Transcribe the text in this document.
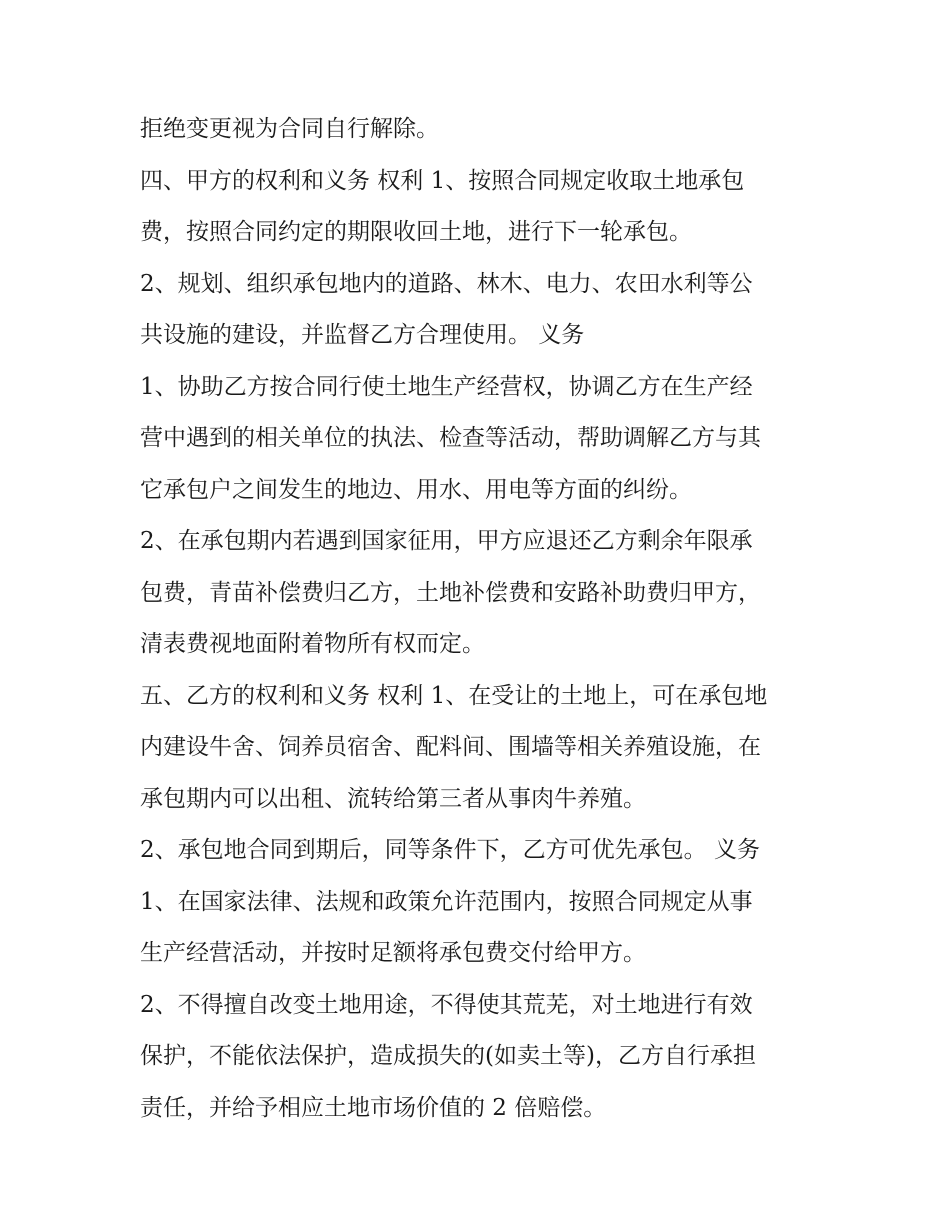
拒绝变更视为合同自行解除。

四、甲方的权利和义务 权利 1、按照合同规定收取土地承包

费，按照合同约定的期限收回土地，进行下一轮承包。

2、规划、组织承包地内的道路、林木、电力、农田水利等公

共设施的建设，并监督乙方合理使用。 义务

1、协助乙方按合同行使土地生产经营权，协调乙方在生产经

营中遇到的相关单位的执法、检查等活动，帮助调解乙方与其

它承包户之间发生的地边、用水、用电等方面的纠纷。

2、在承包期内若遇到国家征用，甲方应退还乙方剩余年限承

包费，青苗补偿费归乙方，土地补偿费和安路补助费归甲方，

清表费视地面附着物所有权而定。

五、乙方的权利和义务 权利 1、在受让的土地上，可在承包地

内建设牛舍、饲养员宿舍、配料间、围墙等相关养殖设施，在

承包期内可以出租、流转给第三者从事肉牛养殖。

2、承包地合同到期后，同等条件下，乙方可优先承包。 义务

1、在国家法律、法规和政策允许范围内，按照合同规定从事

生产经营活动，并按时足额将承包费交付给甲方。

2、不得擅自改变土地用途，不得使其荒芜，对土地进行有效

保护，不能依法保护，造成损失的(如卖土等)，乙方自行承担

责任，并给予相应土地市场价值的 2 倍赔偿。
